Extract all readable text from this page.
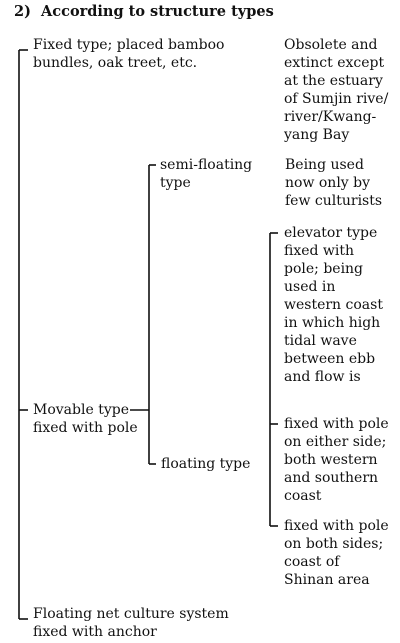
2)  According to structure types

Fixed type; placed bamboo
bundles, oak treet, etc.

Obsolete and
extinct except
at the estuary
of Sumjin rive/
river/Kwang-
yang Bay

semi-floating
type

Being used
now only by
few culturists

elevator type
fixed with
pole; being
used in
western coast
in which high
tidal wave
between ebb
and flow is

Movable type
fixed with pole	fixed with pole
on either side;
both western
and southern
coast

floating type

fixed with pole
on both sides;
coast of
Shinan area

Floating net culture system
fixed with anchor
